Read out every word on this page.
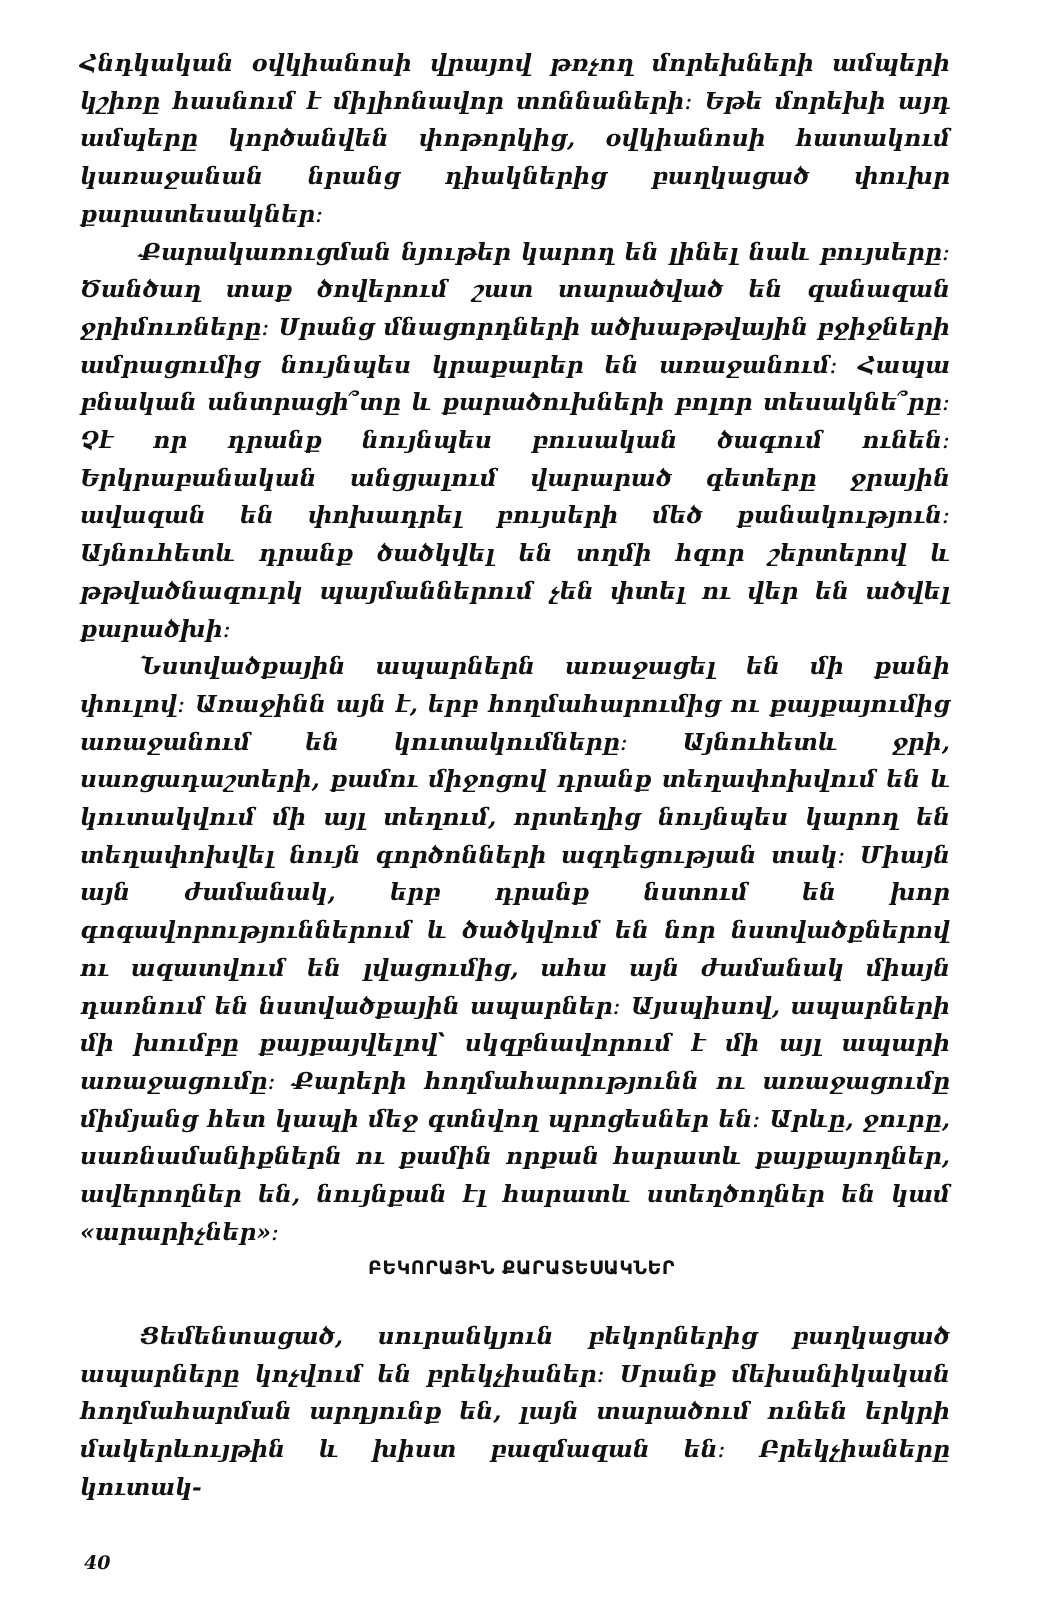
Հնդկական օվկիանոսի վրայով թռչող մորեխների ամպերի կշիռը հասնում է միլիոնավոր տոննաների։ Եթե մորեխի այդ ամպերը կործանվեն փոթորկից, օվկիանոսի հատակում կառաջանան նրանց դիակներից բաղկացած փուխր քարատեսակներ։

Քարակառուցման նյութեր կարող են լինել նաև բույսերը։ Ծանծաղ տաք ծովերում շատ տարածված են զանազան ջրիմուռները։ Սրանց մնացորդների ածխաթթվային բջիջների ամրացումից նույնպես կրաքարեր են առաջանում։ Հապա բնական անտրացի՞տը և քարածուխների բոլոր տեսակնե՞րը։ Չէ որ դրանք նույնպես բուսական ծագում ունեն։ Երկրաբանական անցյալում վարարած գետերը ջրային ավազան են փոխադրել բույսերի մեծ քանակություն։ Այնուհետև դրանք ծածկվել են տղմի հզոր շերտերով և թթվածնազուրկ պայմաններում չեն փտել ու վեր են ածվել քարածխի։

Նստվածքային ապարներն առաջացել են մի քանի փուլով։ Առաջինն այն է, երբ հողմահարումից ու քայքայումից առաջանում են կուտակումները։ Այնուհետև ջրի, սառցադաշտերի, քամու միջոցով դրանք տեղափոխվում են և կուտակվում մի այլ տեղում, որտեղից նույնպես կարող են տեղափոխվել նույն գործոնների ազդեցության տակ։ Միայն այն ժամանակ, երբ դրանք նստում են խոր գոգավորություններում և ծածկվում են նոր նստվածքներով ու ազատվում են լվացումից, ահա այն ժամանակ միայն դառնում են նստվածքային ապարներ։ Այսպիսով, ապարների մի խումբը քայքայվելով՝ սկզբնավորում է մի այլ ապարի առաջացումը։ Քարերի հողմահարությունն ու առաջացումը միմյանց հետ կապի մեջ գտնվող պրոցեսներ են։ Արևը, ջուրը, սառնամանիքներն ու քամին որքան հարատև քայքայողներ, ավերողներ են, նույնքան էլ հարատև ստեղծողներ են կամ «արարիչներ»։

ԲԵԿՈՐԱՅԻՆ ՔԱՐԱՏԵՍԱԿՆԵՐ

Ցեմենտացած, սուրանկյուն բեկորներից բաղկացած ապարները կոչվում են բրեկչիաներ։ Սրանք մեխանիկական հողմահարման արդյունք են, լայն տարածում ունեն երկրի մակերևույթին և խիստ բազմազան են։ Բրեկչիաները կուտակ-

40
